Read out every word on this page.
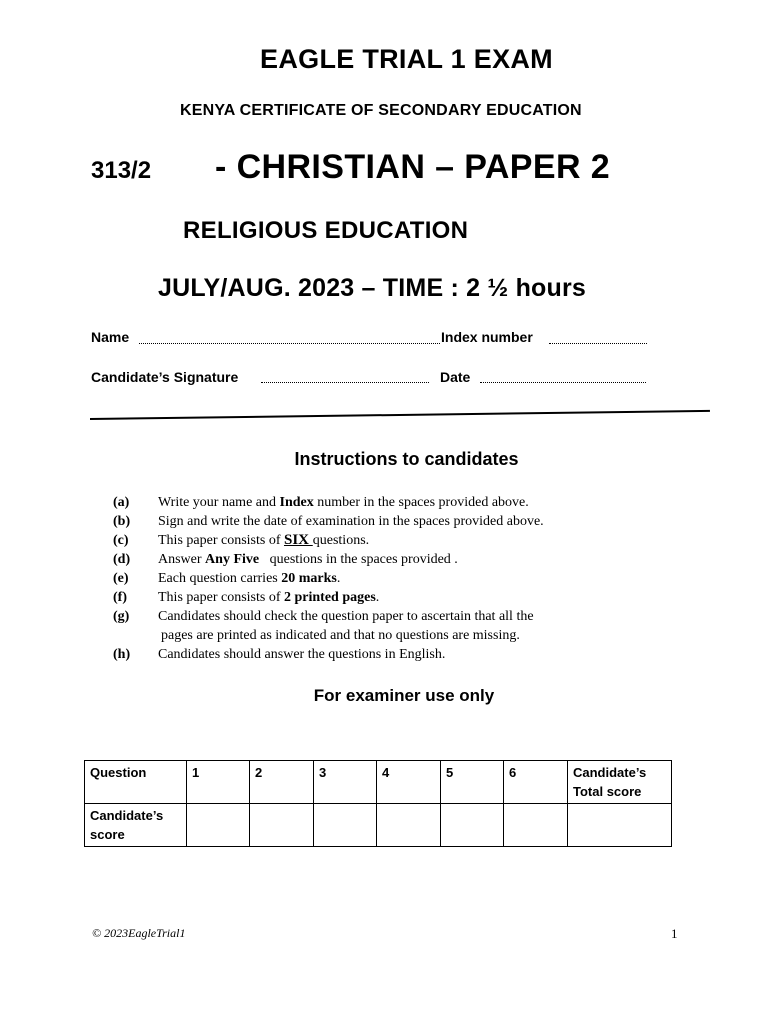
EAGLE TRIAL 1 EXAM
KENYA CERTIFICATE OF SECONDARY EDUCATION
313/2 - CHRISTIAN – PAPER 2
RELIGIOUS EDUCATION
JULY/AUG. 2023 – TIME : 2 ½ hours
Name	Index number
Candidate’s Signature	Date
Instructions to candidates
(a)	Write your name and Index number in the spaces provided above.
(b)	Sign and write the date of examination in the spaces provided above.
(c)	This paper consists of SIX questions.
(d)	Answer Any Five   questions in the spaces provided .
(e)	Each question carries 20 marks.
(f)	This paper consists of 2 printed pages.
(g)	Candidates should check the question paper to ascertain that all the
pages are printed as indicated and that no questions are missing.
(h)	Candidates should answer the questions in English.
For examiner use only
Question	1	2	3	4	5	6	Candidate’s Total score
Candidate’s score							
© 2023EagleTrial1	1
